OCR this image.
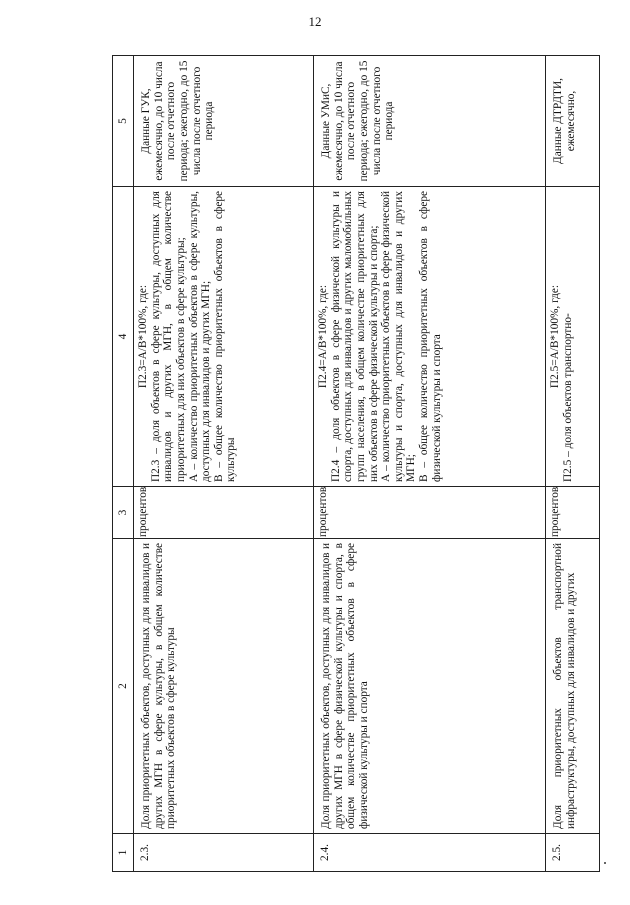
12
1	2	3	4	5
2.3.	Доля приоритетных объектов, доступных для инвалидов и других МГН в сфере культуры, в общем количестве приоритетных объектов в сфере культуры	процентов	П2.3=А/В*100%, где:
П2.3 – доля объектов в сфере культуры, доступных для инвалидов и других МГН, в общем количестве приоритетных для них объектов в сфере культуры;
А – количество приоритетных объектов в сфере культуры, доступных для инвалидов и других МГН;
В – общее количество приоритетных объектов в сфере культуры	Данные ГУК, ежемесячно, до 10 числа после отчетного периода; ежегодно, до 15 числа после отчетного периода
2.4.	Доля приоритетных объектов, доступных для инвалидов и других МГН в сфере физической культуры и спорта, в общем количестве приоритетных объектов в сфере физической культуры и спорта	процентов	П2.4=А/В*100%, где:
П2.4 – доля объектов в сфере физической культуры и спорта, доступных для инвалидов и других маломобильных групп населения, в общем количестве приоритетных для них объектов в сфере физической культуры и спорта;
А – количество приоритетных объектов в сфере физической культуры и спорта, доступных для инвалидов и других МГН;
В – общее количество приоритетных объектов в сфере физической культуры и спорта	Данные УМиС, ежемесячно, до 10 числа после отчетного периода; ежегодно, до 15 числа после отчетного периода
2.5.	Доля приоритетных объектов транспортной инфраструктуры, доступных для инвалидов и других	процентов	П2.5=А/В*100%, где: П2.5 – доля объектов транспортно-	Данные ДТРДТИ, ежемесячно,
